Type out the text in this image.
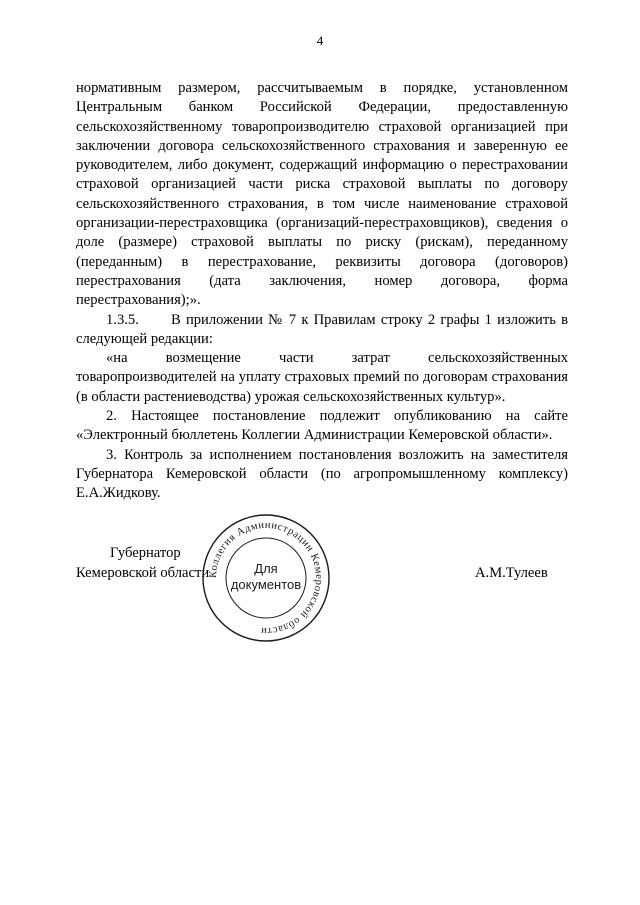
4

нормативным размером, рассчитываемым в порядке, установленном Центральным банком Российской Федерации, предоставленную сельскохозяйственному товаропроизводителю страховой организацией при заключении договора сельскохозяйственного страхования и заверенную ее руководителем, либо документ, содержащий информацию о перестраховании страховой организацией части риска страховой выплаты по договору сельскохозяйственного страхования, в том числе наименование страховой организации-перестраховщика (организаций-перестраховщиков), сведения о доле (размере) страховой выплаты по риску (рискам), переданному (переданным) в перестрахование, реквизиты договора (договоров) перестрахования (дата заключения, номер договора, форма перестрахования);».

1.3.5. В приложении № 7 к Правилам строку 2 графы 1 изложить в следующей редакции:

«на возмещение части затрат сельскохозяйственных товаропроизводителей на уплату страховых премий по договорам страхования (в области растениеводства) урожая сельскохозяйственных культур».

2. Настоящее постановление подлежит опубликованию на сайте «Электронный бюллетень Коллегии Администрации Кемеровской области».

3. Контроль за исполнением постановления возложить на заместителя Губернатора Кемеровской области (по агропромышленному комплексу) Е.А.Жидкову.

Губернатор
Кемеровской области	А.М.Тулеев
Коллегия Администрации Кемеровской области
Для
документов
